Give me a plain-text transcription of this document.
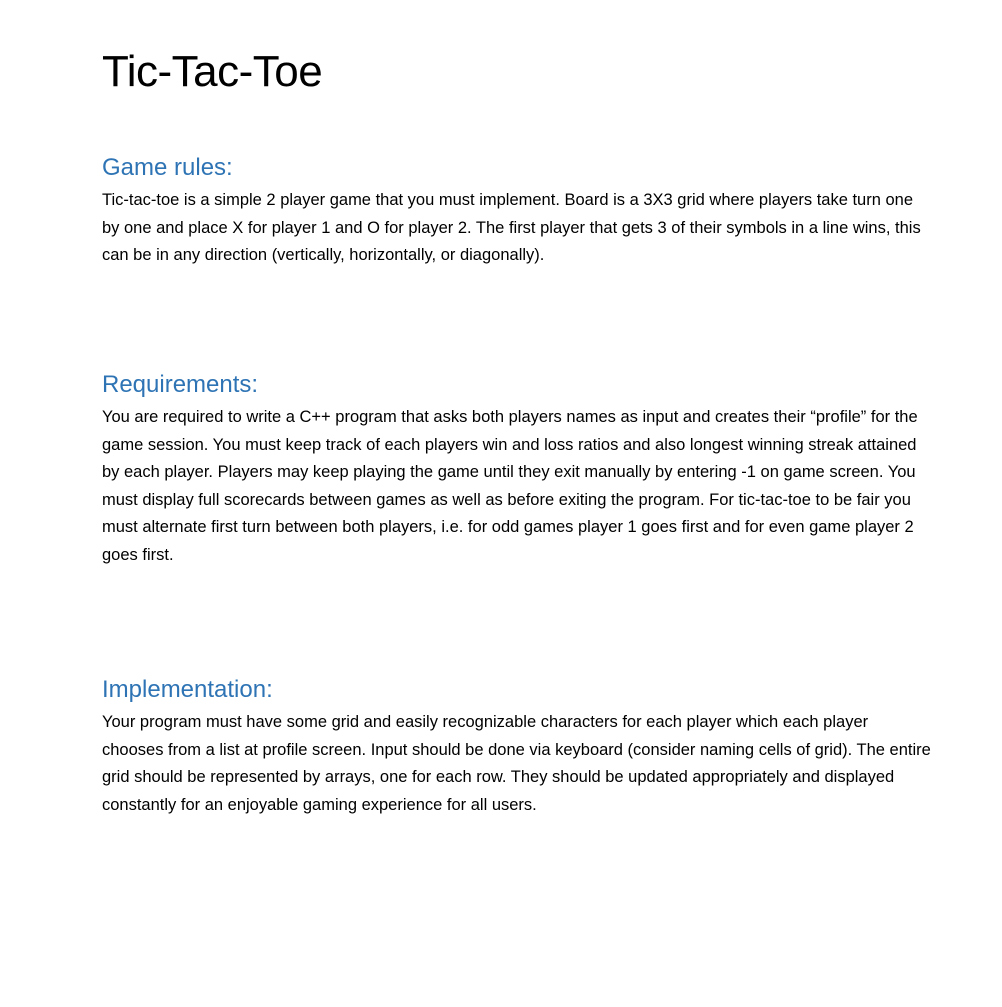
Tic-Tac-Toe
Game rules:

Tic-tac-toe is a simple 2 player game that you must implement. Board is a 3X3 grid where players take turn one by one and place X for player 1 and O for player 2. The first player that gets 3 of their symbols in a line wins, this can be in any direction (vertically, horizontally, or diagonally).

Requirements:

You are required to write a C++ program that asks both players names as input and creates their “profile” for the game session. You must keep track of each players win and loss ratios and also longest winning streak attained by each player. Players may keep playing the game until they exit manually by entering -1 on game screen. You must display full scorecards between games as well as before exiting the program. For tic-tac-toe to be fair you must alternate first turn between both players, i.e. for odd games player 1 goes first and for even game player 2 goes first.

Implementation:

Your program must have some grid and easily recognizable characters for each player which each player chooses from a list at profile screen. Input should be done via keyboard (consider naming cells of grid). The entire grid should be represented by arrays, one for each row. They should be updated appropriately and displayed constantly for an enjoyable gaming experience for all users.
